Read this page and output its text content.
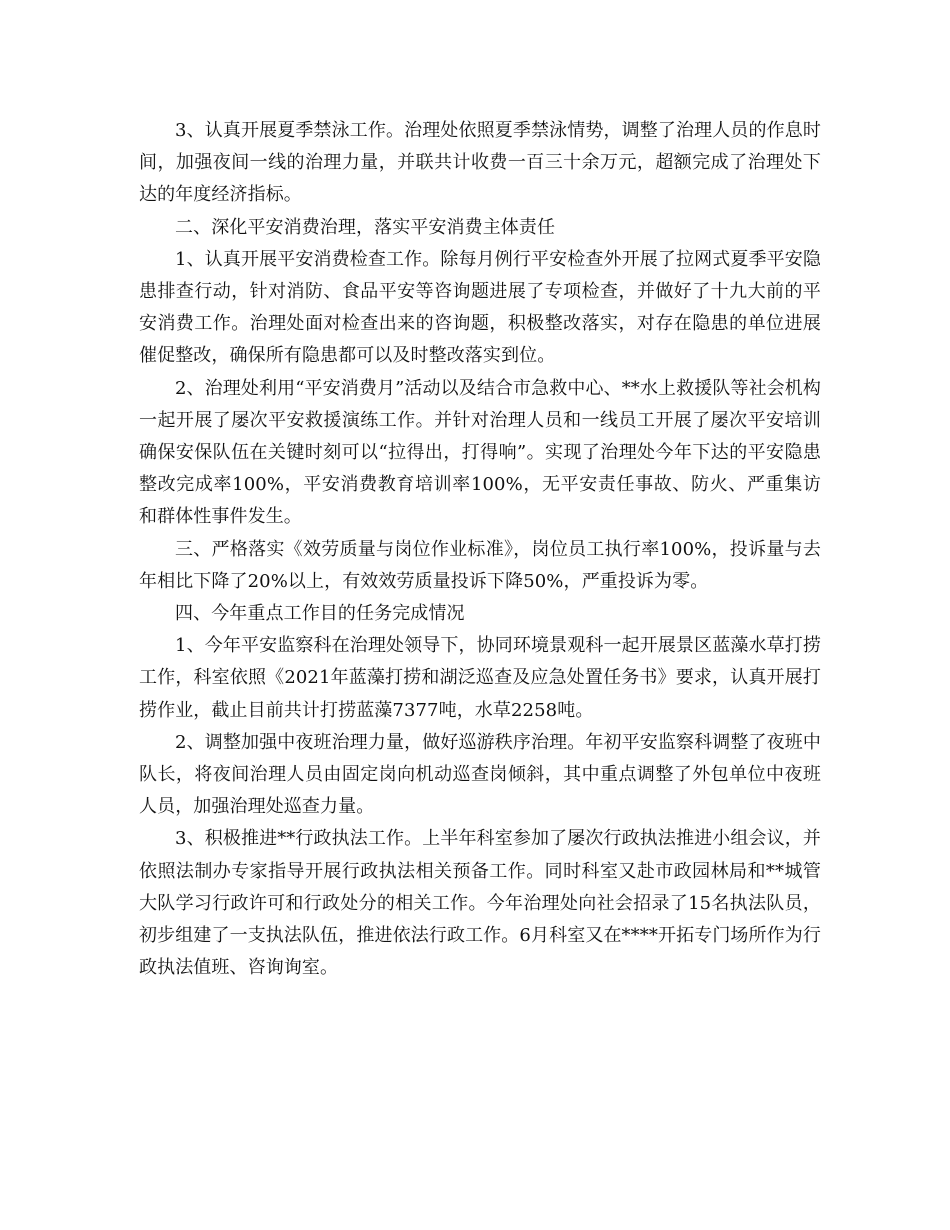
3、认真开展夏季禁泳工作。治理处依照夏季禁泳情势，调整了治理人员的作息时间，加强夜间一线的治理力量，并联共计收费一百三十余万元，超额完成了治理处下达的年度经济指标。

二、深化平安消费治理，落实平安消费主体责任

1、认真开展平安消费检查工作。除每月例行平安检查外开展了拉网式夏季平安隐患排查行动，针对消防、食品平安等咨询题进展了专项检查，并做好了十九大前的平安消费工作。治理处面对检查出来的咨询题，积极整改落实，对存在隐患的单位进展催促整改，确保所有隐患都可以及时整改落实到位。

2、治理处利用“平安消费月”活动以及结合市急救中心、**水上救援队等社会机构一起开展了屡次平安救援演练工作。并针对治理人员和一线员工开展了屡次平安培训确保安保队伍在关键时刻可以“拉得出，打得响”。实现了治理处今年下达的平安隐患整改完成率100%，平安消费教育培训率100%，无平安责任事故、防火、严重集访和群体性事件发生。

三、严格落实《效劳质量与岗位作业标准》，岗位员工执行率100%，投诉量与去年相比下降了20%以上，有效效劳质量投诉下降50%，严重投诉为零。

四、今年重点工作目的任务完成情况

1、今年平安监察科在治理处领导下，协同环境景观科一起开展景区蓝藻水草打捞工作，科室依照《2021年蓝藻打捞和湖泛巡查及应急处置任务书》要求，认真开展打捞作业，截止目前共计打捞蓝藻7377吨，水草2258吨。

2、调整加强中夜班治理力量，做好巡游秩序治理。年初平安监察科调整了夜班中队长，将夜间治理人员由固定岗向机动巡查岗倾斜，其中重点调整了外包单位中夜班人员，加强治理处巡查力量。

3、积极推进**行政执法工作。上半年科室参加了屡次行政执法推进小组会议，并依照法制办专家指导开展行政执法相关预备工作。同时科室又赴市政园林局和**城管大队学习行政许可和行政处分的相关工作。今年治理处向社会招录了15名执法队员，初步组建了一支执法队伍，推进依法行政工作。6月科室又在****开拓专门场所作为行政执法值班、咨询询室。
